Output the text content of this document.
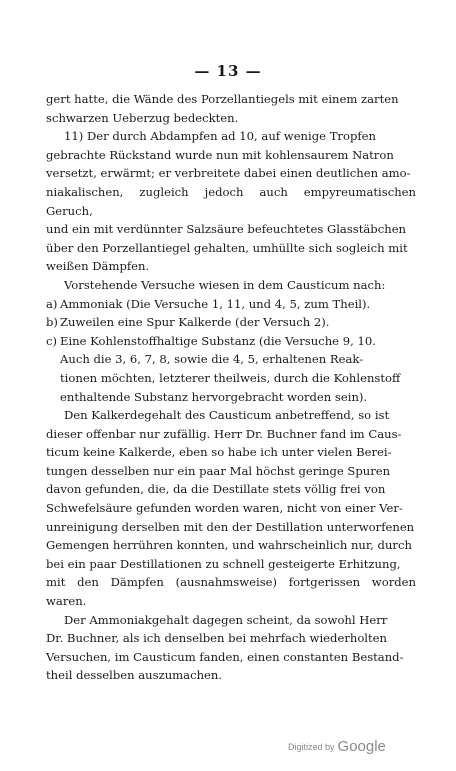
— 13 —
gert hatte, die Wände des Porzellantiegels mit einem zarten
schwarzen Ueberzug bedeckten.
11) Der durch Abdampfen ad 10, auf wenige Tropfen
gebrachte Rückstand wurde nun mit kohlensaurem Natron
versetzt, erwärmt; er verbreitete dabei einen deutlichen amo-
niakalischen, zugleich jedoch auch empyreumatischen Geruch,
und ein mit verdünnter Salzsäure befeuchtetes Glasstäbchen
über den Porzellantiegel gehalten, umhüllte sich sogleich mit
weißen Dämpfen.
Vorstehende Versuche wiesen in dem Causticum nach:
a) Ammoniak (Die Versuche 1, 11, und 4, 5, zum Theil).
b) Zuweilen eine Spur Kalkerde (der Versuch 2).
c) Eine Kohlenstoffhaltige Substanz (die Versuche 9, 10.
Auch die 3, 6, 7, 8, sowie die 4, 5, erhaltenen Reak-
tionen möchten, letzterer theilweis, durch die Kohlenstoff
enthaltende Substanz hervorgebracht worden sein).
Den Kalkerdegehalt des Causticum anbetreffend, so ist
dieser offenbar nur zufällig. Herr Dr. Buchner fand im Caus-
ticum keine Kalkerde, eben so habe ich unter vielen Berei-
tungen desselben nur ein paar Mal höchst geringe Spuren
davon gefunden, die, da die Destillate stets völlig frei von
Schwefelsäure gefunden worden waren, nicht von einer Ver-
unreinigung derselben mit den der Destillation unterworfenen
Gemengen herrühren konnten, und wahrscheinlich nur, durch
bei ein paar Destillationen zu schnell gesteigerte Erhitzung,
mit den Dämpfen (ausnahmsweise) fortgerissen worden waren.
Der Ammoniakgehalt dagegen scheint, da sowohl Herr
Dr. Buchner, als ich denselben bei mehrfach wiederholten
Versuchen, im Causticum fanden, einen constanten Bestand-
theil desselben auszumachen.
Digitized by Google
